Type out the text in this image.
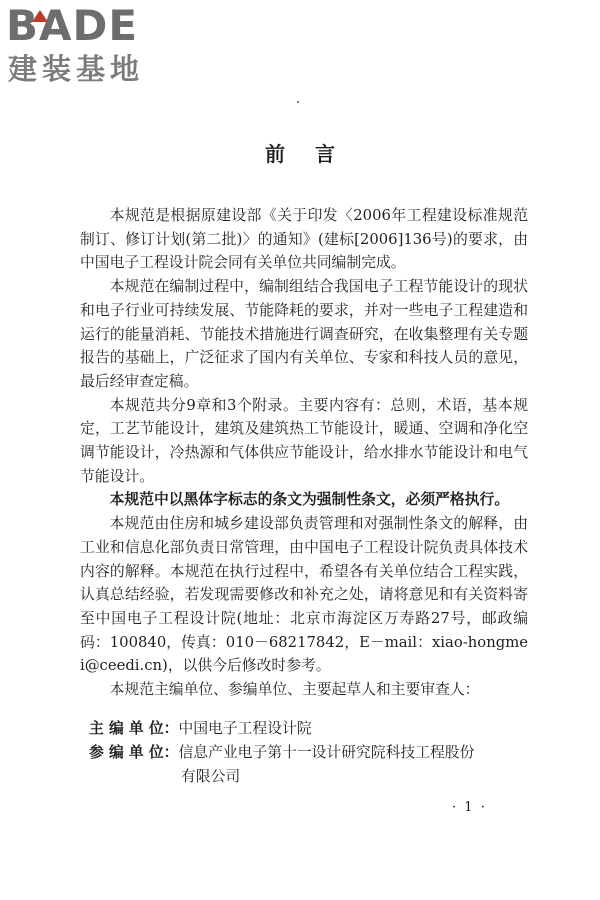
BADE
建装基地
前言

本规范是根据原建设部《关于印发〈2006年工程建设标准规范制订、修订计划(第二批)〉的通知》(建标[2006]136号)的要求，由中国电子工程设计院会同有关单位共同编制完成。

本规范在编制过程中，编制组结合我国电子工程节能设计的现状和电子行业可持续发展、节能降耗的要求，并对一些电子工程建造和运行的能量消耗、节能技术措施进行调查研究，在收集整理有关专题报告的基础上，广泛征求了国内有关单位、专家和科技人员的意见，最后经审查定稿。

本规范共分9章和3个附录。主要内容有：总则，术语，基本规定，工艺节能设计，建筑及建筑热工节能设计，暖通、空调和净化空调节能设计，冷热源和气体供应节能设计，给水排水节能设计和电气节能设计。

本规范中以黑体字标志的条文为强制性条文，必须严格执行。

本规范由住房和城乡建设部负责管理和对强制性条文的解释，由工业和信息化部负责日常管理，由中国电子工程设计院负责具体技术内容的解释。本规范在执行过程中，希望各有关单位结合工程实践，认真总结经验，若发现需要修改和补充之处，请将意见和有关资料寄至中国电子工程设计院(地址：北京市海淀区万寿路27号，邮政编码：100840，传真：010－68217842，E－mail：xiao-hongmei@ceedi.cn)，以供今后修改时参考。

本规范主编单位、参编单位、主要起草人和主要审查人：

主 编 单 位：中国电子工程设计院
参 编 单 位：信息产业电子第十一设计研究院科技工程股份
有限公司
· 1 ·
